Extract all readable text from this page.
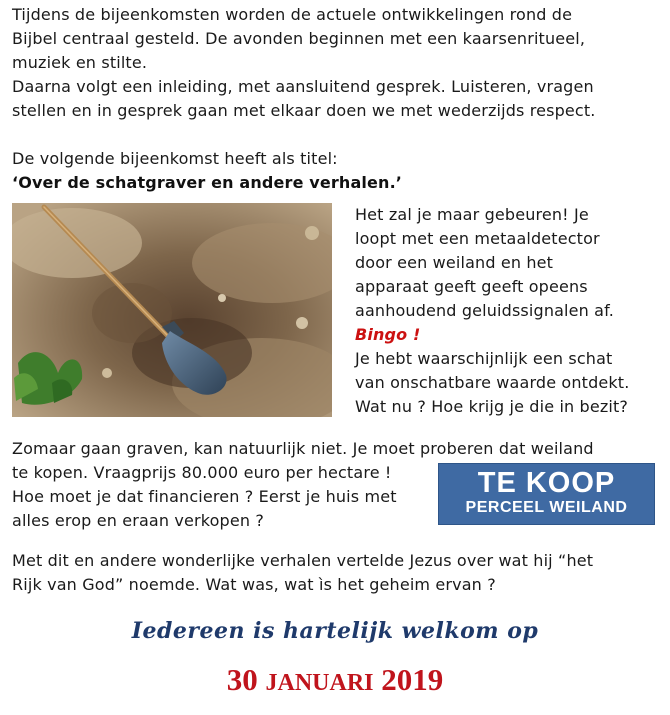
Tijdens de bijeenkomsten worden de actuele ontwikkelingen rond de
Bijbel centraal gesteld. De avonden beginnen met een kaarsenritueel,
muziek en stilte.
Daarna volgt een inleiding, met aansluitend gesprek. Luisteren, vragen
stellen en in gesprek gaan met elkaar doen we met wederzijds respect.
De volgende bijeenkomst heeft als titel:
‘Over de schatgraver en andere verhalen.’
Het zal je maar gebeuren! Je
loopt met een metaaldetector
door een weiland en het
apparaat geeft geeft opeens
aanhoudend geluidssignalen af.
Bingo !
Je hebt waarschijnlijk een schat
van onschatbare waarde ontdekt.
Wat nu ? Hoe krijg je die in bezit?
Zomaar gaan graven, kan natuurlijk niet. Je moet proberen dat weiland
te kopen. Vraagprijs 80.000 euro per hectare !
Hoe moet je dat financieren ? Eerst je huis met
alles erop en eraan verkopen ?
TE KOOP
PERCEEL WEILAND
Met dit en andere wonderlijke verhalen vertelde Jezus over wat hij “het
Rijk van God” noemde. Wat was, wat ìs het geheim ervan ?
Iedereen is hartelijk welkom op
30 JANUARI 2019
